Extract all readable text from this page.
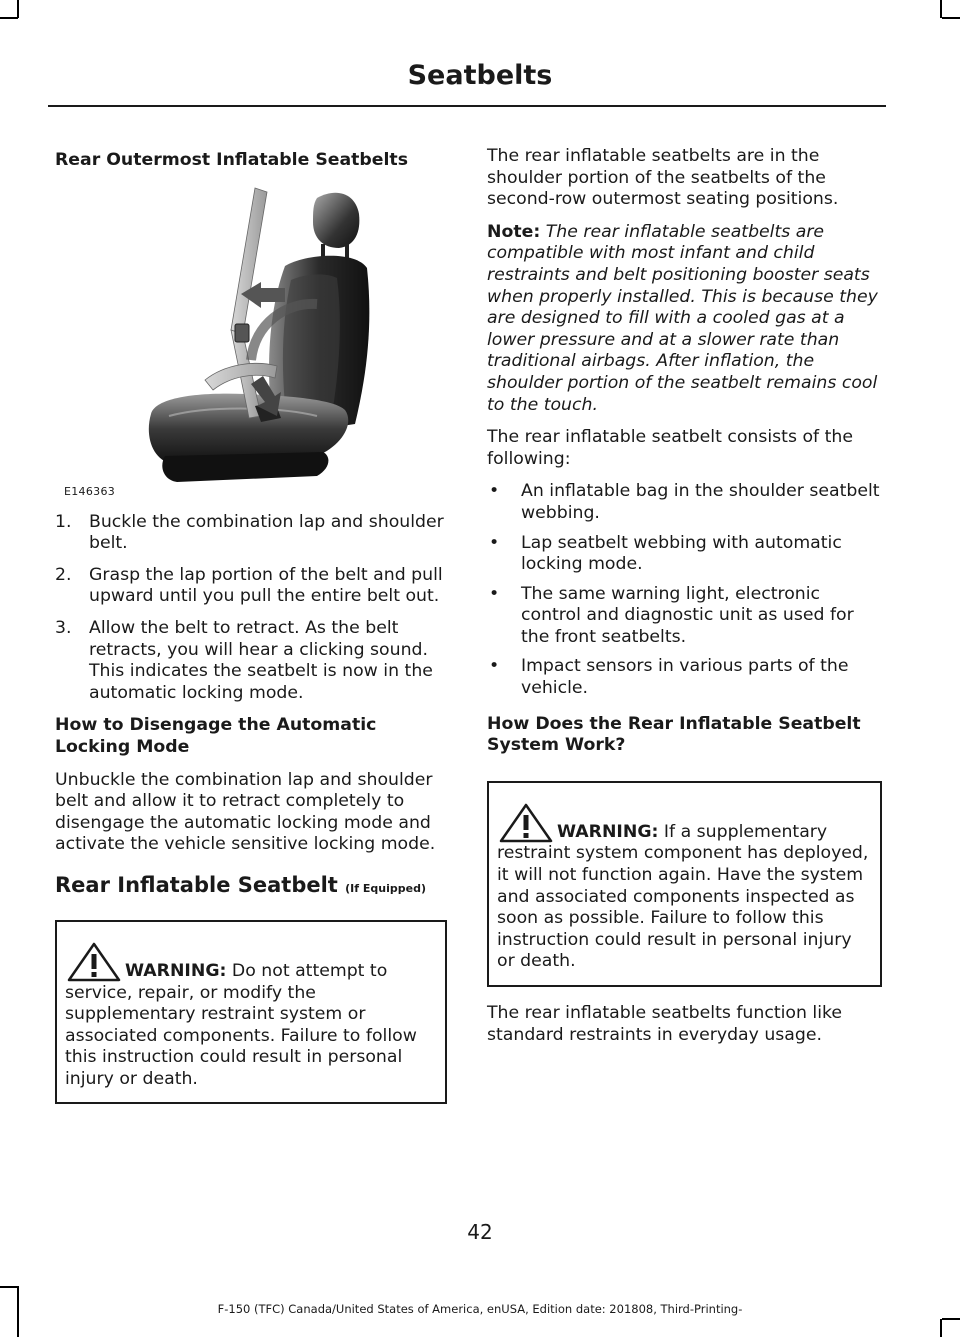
Seatbelts
Rear Outermost Inflatable Seatbelts
E146363
1. Buckle the combination lap and shoulder belt.
2. Grasp the lap portion of the belt and pull upward until you pull the entire belt out.
3. Allow the belt to retract. As the belt retracts, you will hear a clicking sound. This indicates the seatbelt is now in the automatic locking mode.
How to Disengage the Automatic Locking Mode

Unbuckle the combination lap and shoulder belt and allow it to retract completely to disengage the automatic locking mode and activate the vehicle sensitive locking mode.

Rear Inflatable Seatbelt (If Equipped)

WARNING: Do not attempt to service, repair, or modify the supplementary restraint system or associated components. Failure to follow this instruction could result in personal injury or death.

The rear inflatable seatbelts are in the shoulder portion of the seatbelts of the second-row outermost seating positions.

Note: The rear inflatable seatbelts are compatible with most infant and child restraints and belt positioning booster seats when properly installed. This is because they are designed to fill with a cooled gas at a lower pressure and at a slower rate than traditional airbags. After inflation, the shoulder portion of the seatbelt remains cool to the touch.

The rear inflatable seatbelt consists of the following:

• An inflatable bag in the shoulder seatbelt webbing.
• Lap seatbelt webbing with automatic locking mode.
• The same warning light, electronic control and diagnostic unit as used for the front seatbelts.
• Impact sensors in various parts of the vehicle.
How Does the Rear Inflatable Seatbelt System Work?

WARNING: If a supplementary restraint system component has deployed, it will not function again. Have the system and associated components inspected as soon as possible. Failure to follow this instruction could result in personal injury or death.

The rear inflatable seatbelts function like standard restraints in everyday usage.

42
F-150 (TFC) Canada/United States of America, enUSA, Edition date: 201808, Third-Printing-
